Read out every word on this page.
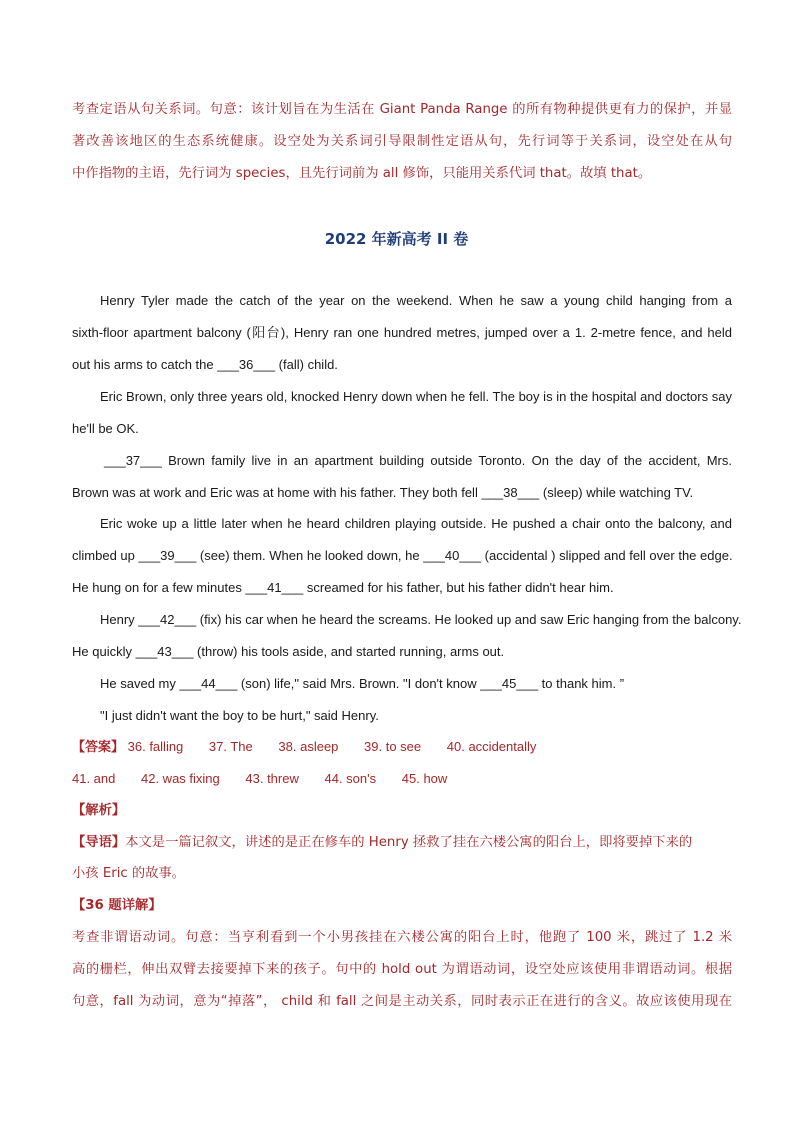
考查定语从句关系词。句意：该计划旨在为生活在 Giant Panda Range 的所有物种提供更有力的保护，并显
著改善该地区的生态系统健康。设空处为关系词引导限制性定语从句，先行词等于关系词，设空处在从句
中作指物的主语，先行词为 species，且先行词前为 all 修饰，只能用关系代词 that。故填 that。
2022 年新高考 II 卷
Henry Tyler made the catch of the year on the weekend. When he saw a young child hanging from a
sixth-floor apartment balcony (阳台), Henry ran one hundred metres, jumped over a 1. 2-metre fence, and held
out his arms to catch the ___36___ (fall) child.
Eric Brown, only three years old, knocked Henry down when he fell. The boy is in the hospital and doctors say
he'll be OK.
___37___ Brown family live in an apartment building outside Toronto. On the day of the accident, Mrs.
Brown was at work and Eric was at home with his father. They both fell ___38___ (sleep) while watching TV.
Eric woke up a little later when he heard children playing outside. He pushed a chair onto the balcony, and
climbed up ___39___ (see) them. When he looked down, he ___40___ (accidental ) slipped and fell over the edge.
He hung on for a few minutes ___41___ screamed for his father, but his father didn't hear him.
Henry ___42___ (fix) his car when he heard the screams. He looked up and saw Eric hanging from the balcony.
He quickly ___43___ (throw) his tools aside, and started running, arms out.
He saved my ___44___ (son) life," said Mrs. Brown. "I don't know ___45___ to thank him. ”
"I just didn't want the boy to be hurt," said Henry.
【答案】 36. falling 37. The 38. asleep 39. to see 40. accidentally
41. and 42. was fixing 43. threw 44. son's 45. how
【解析】
【导语】本文是一篇记叙文，讲述的是正在修车的 Henry 拯救了挂在六楼公寓的阳台上，即将要掉下来的
小孩 Eric 的故事。
【36 题详解】
考查非谓语动词。句意：当亨利看到一个小男孩挂在六楼公寓的阳台上时，他跑了 100 米，跳过了 1.2 米
高的栅栏，伸出双臂去接要掉下来的孩子。句中的 hold out 为谓语动词，设空处应该使用非谓语动词。根据
句意，fall 为动词，意为“掉落”， child 和 fall 之间是主动关系，同时表示正在进行的含义。故应该使用现在
